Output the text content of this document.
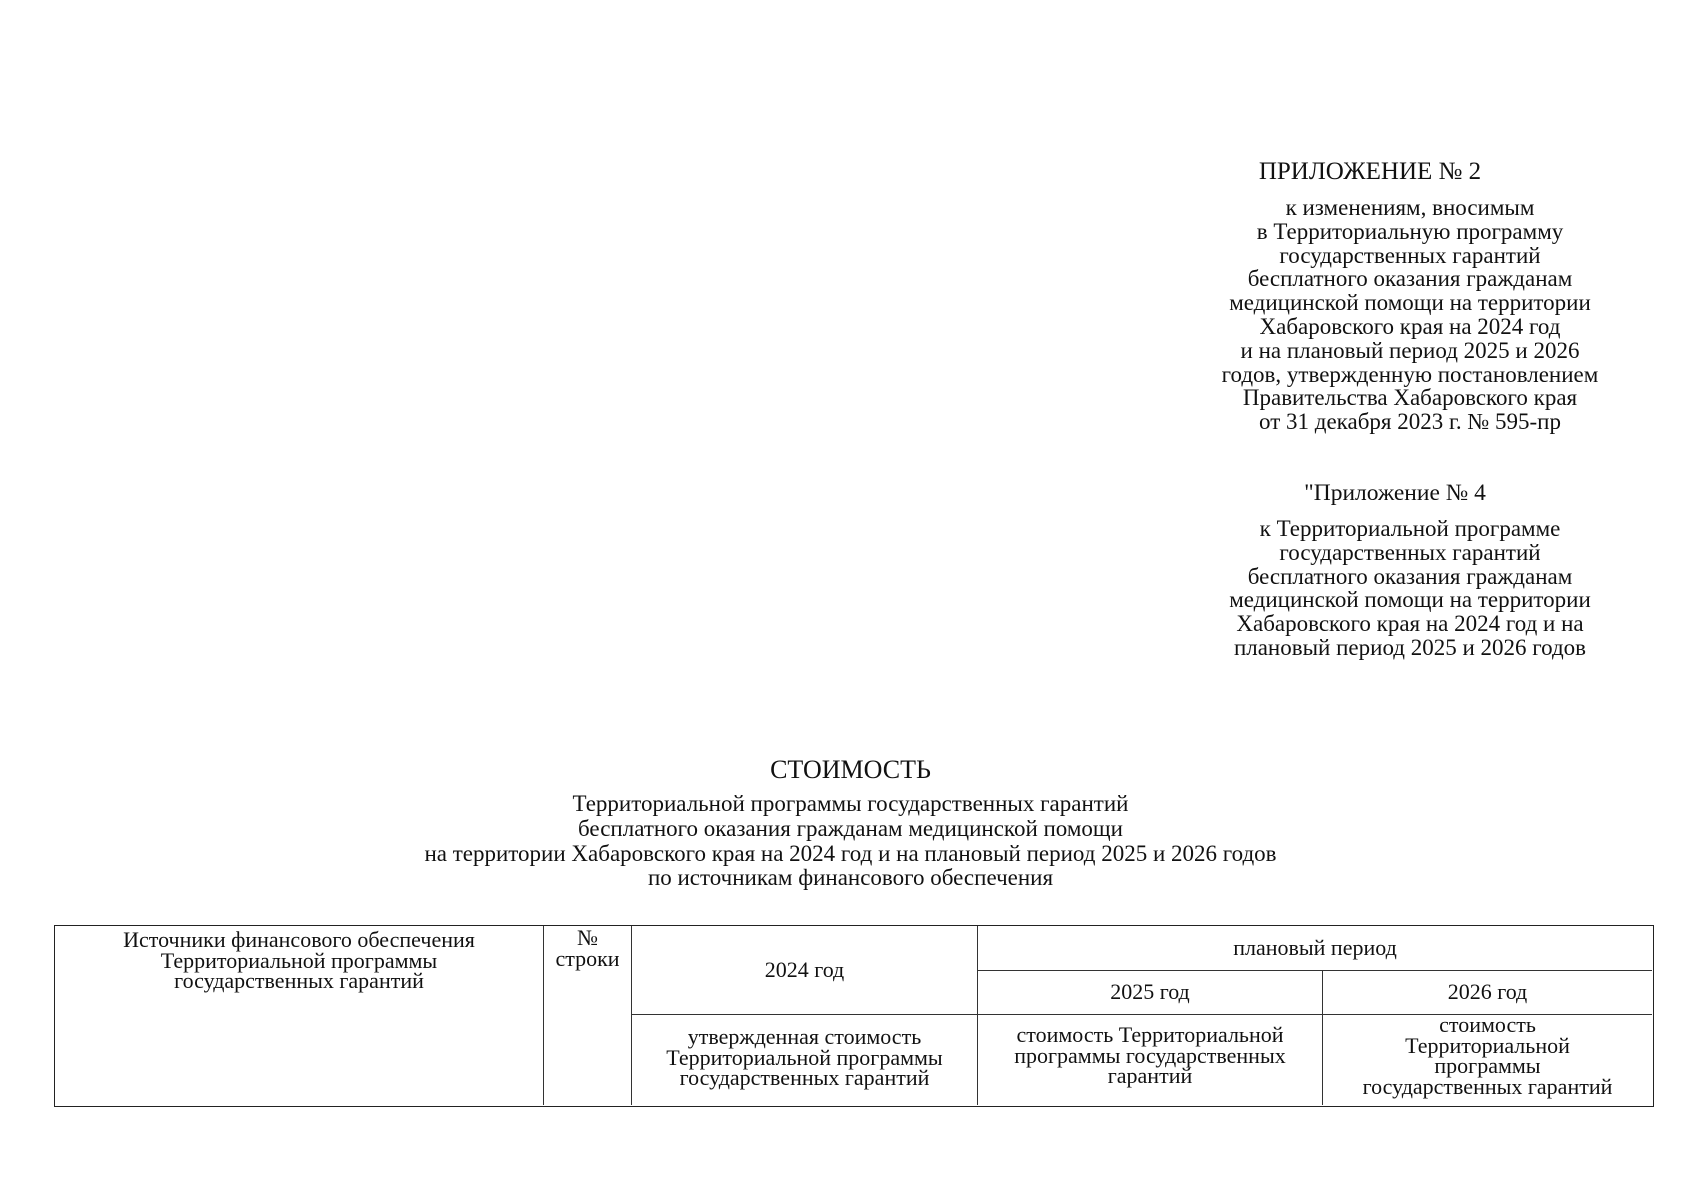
ПРИЛОЖЕНИЕ № 2
к изменениям, вносимым
в Территориальную программу
государственных гарантий
бесплатного оказания гражданам
медицинской помощи на территории
Хабаровского края на 2024 год
и на плановый период 2025 и 2026
годов, утвержденную постановлением
Правительства Хабаровского края
от 31 декабря 2023 г. № 595-пр
"Приложение № 4
к Территориальной программе
государственных гарантий
бесплатного оказания гражданам
медицинской помощи на территории
Хабаровского края на 2024 год и на
плановый период 2025 и 2026 годов
СТОИМОСТЬ
Территориальной программы государственных гарантий
бесплатного оказания гражданам медицинской помощи
на территории Хабаровского края на 2024 год и на плановый период 2025 и 2026 годов
по источникам финансового обеспечения
Источники финансового обеспечения
Территориальной программы
государственных гарантий
№
строки	2024 год
плановый период
2025 год	2026 год
утвержденная стоимость
Территориальной программы
государственных гарантий
стоимость Территориальной
программы государственных
гарантий
стоимость
Территориальной
программы
государственных гарантий
